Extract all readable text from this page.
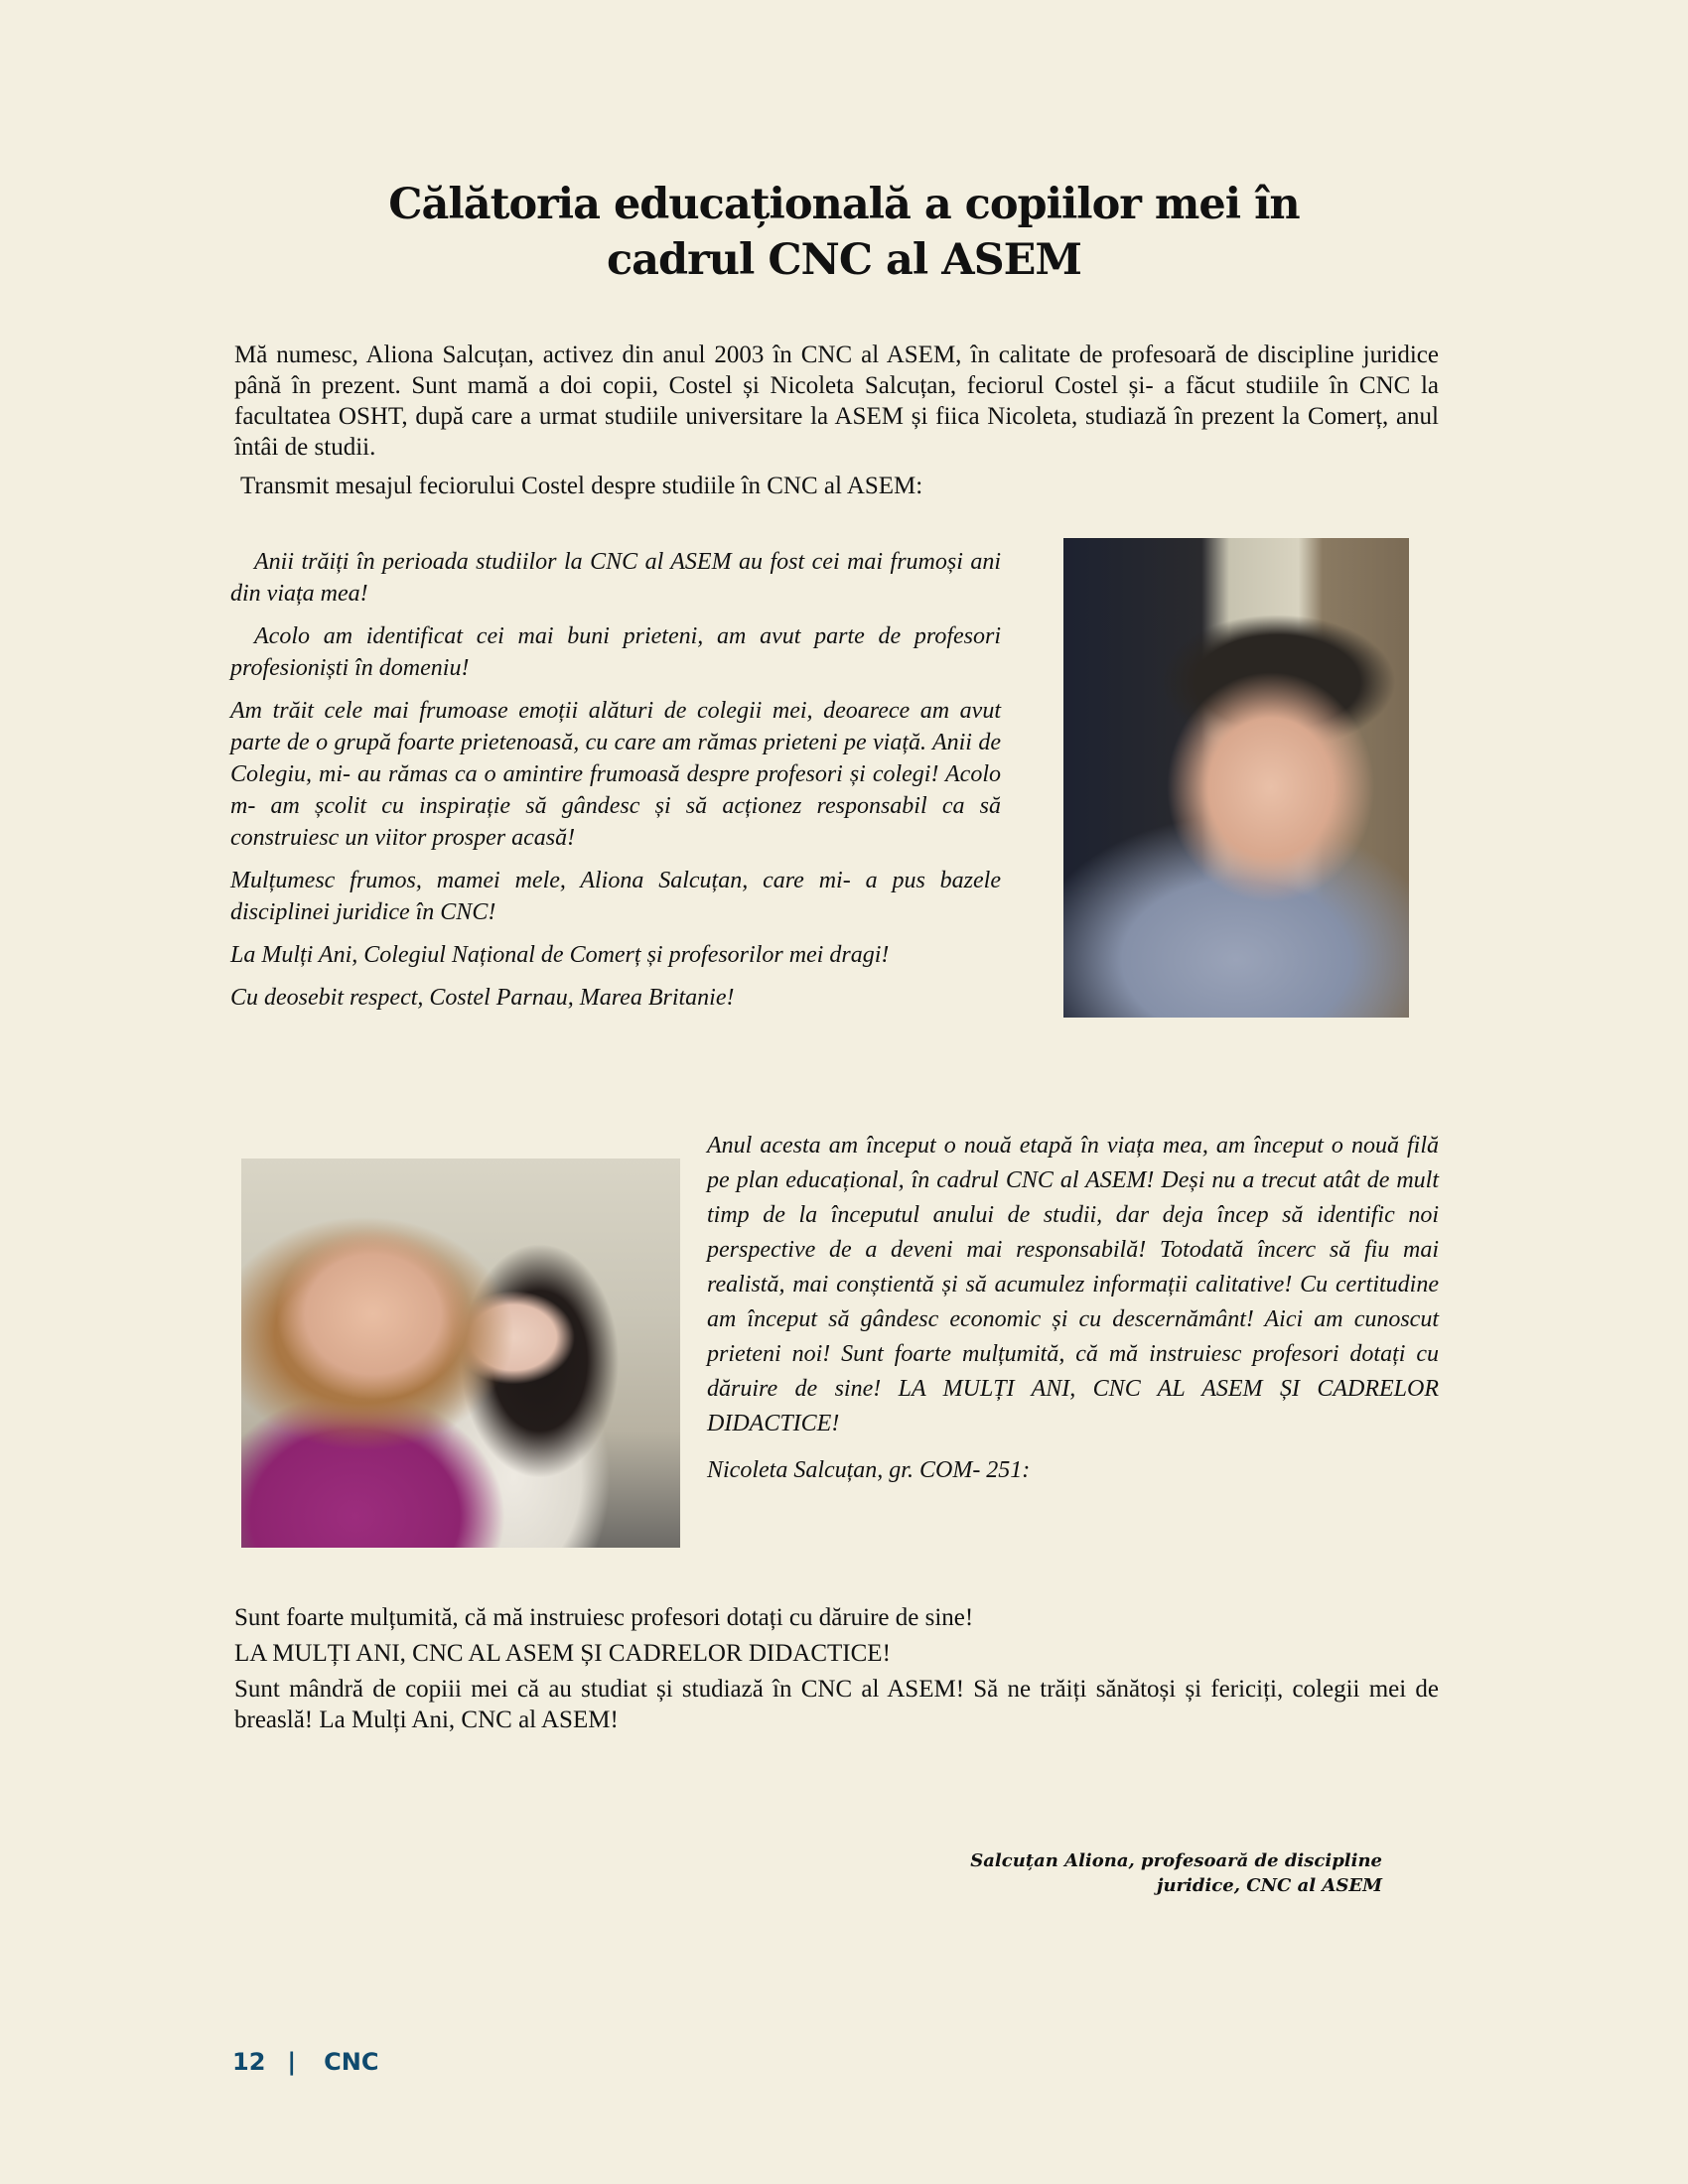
Călătoria educațională a copiilor mei în
cadrul CNC al ASEM

Mă numesc, Aliona Salcuțan, activez din anul 2003 în CNC al ASEM, în calitate de profesoară de discipline juridice până în prezent. Sunt mamă a doi copii, Costel și Nicoleta Salcuțan, feciorul Costel și- a făcut studiile în CNC la facultatea OSHT, după care a urmat studiile universitare la ASEM și fiica Nicoleta, studiază în prezent la Comerț, anul întâi de studii.

Transmit mesajul feciorului Costel despre studiile în CNC al ASEM:

Anii trăiți în perioada studiilor la CNC al ASEM au fost cei mai frumoși ani din viața mea!

Acolo am identificat cei mai buni prieteni, am avut parte de profesori profesioniști în domeniu!

Am trăit cele mai frumoase emoții alături de colegii mei, deoarece am avut parte de o grupă foarte prietenoasă, cu care am rămas prieteni pe viață. Anii de Colegiu, mi- au rămas ca o amintire frumoasă despre profesori și colegi! Acolo m- am școlit cu inspirație să gândesc și să acționez responsabil ca să construiesc un viitor prosper acasă!

Mulțumesc frumos, mamei mele, Aliona Salcuțan, care mi- a pus bazele disciplinei juridice în CNC!

La Mulți Ani, Colegiul Național de Comerț și profesorilor mei dragi!

Cu deosebit respect, Costel Parnau, Marea Britanie!

Anul acesta am început o nouă etapă în viața mea, am început o nouă filă pe plan educațional, în cadrul CNC al ASEM! Deși nu a trecut atât de mult timp de la începutul anului de studii, dar deja încep să identific noi perspective de a deveni mai responsabilă! Totodată încerc să fiu mai realistă, mai conștientă și să acumulez informații calitative! Cu certitudine am început să gândesc economic și cu descernământ! Aici am cunoscut prieteni noi! Sunt foarte mulțumită, că mă instruiesc profesori dotați cu dăruire de sine! LA MULȚI ANI, CNC AL ASEM ȘI CADRELOR DIDACTICE!

Nicoleta Salcuțan, gr. COM- 251:

Sunt foarte mulțumită, că mă instruiesc profesori dotați cu dăruire de sine!

LA MULȚI ANI, CNC AL ASEM ȘI CADRELOR DIDACTICE!

Sunt mândră de copiii mei că au studiat și studiază în CNC al ASEM! Să ne trăiți sănătoși și fericiți, colegii mei de breaslă! La Mulți Ani, CNC al ASEM!

Salcuțan Aliona, profesoară de discipline
juridice, CNC al ASEM
12 | CNC
